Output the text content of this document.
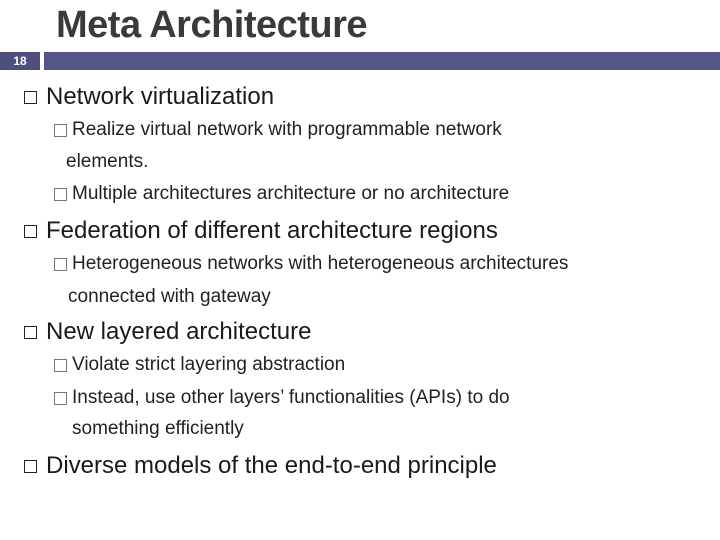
Meta Architecture
18
Network virtualization
Realize virtual network with programmable network
elements.
Multiple architectures architecture or no architecture
Federation of different architecture regions
Heterogeneous networks with heterogeneous architectures
connected with gateway
New layered architecture
Violate strict layering abstraction
Instead, use other layers’ functionalities (APIs) to do
something efficiently
Diverse models of the end-to-end principle
